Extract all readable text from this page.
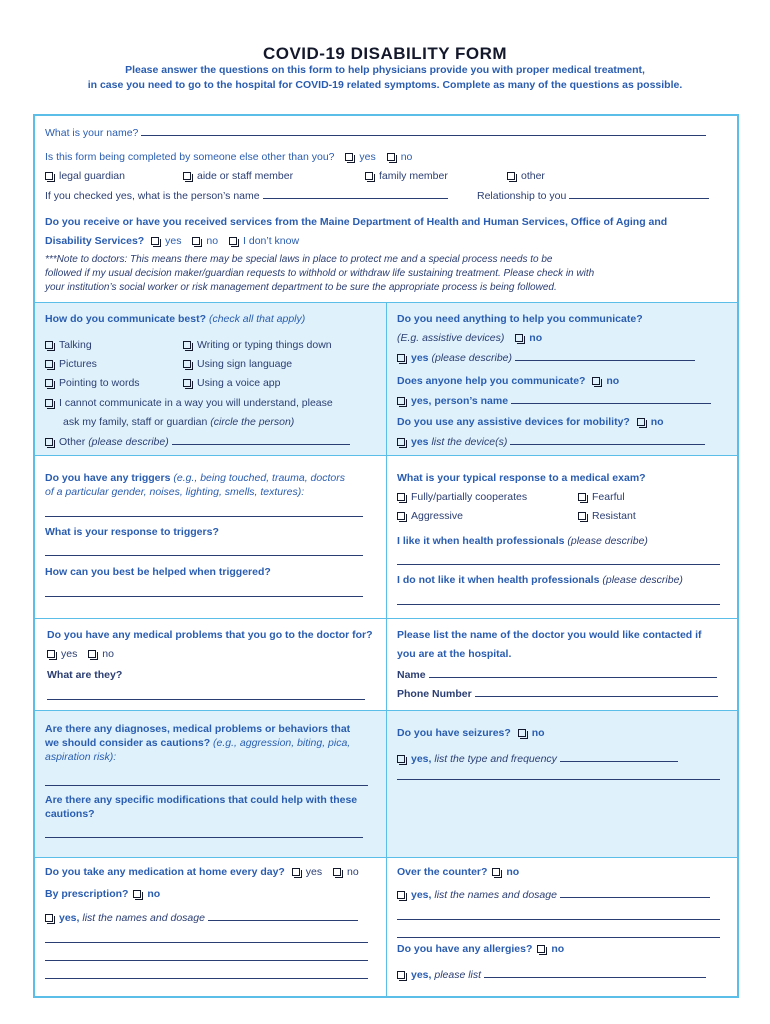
COVID-19 DISABILITY FORM
Please answer the questions on this form to help physicians provide you with proper medical treatment,
in case you need to go to the hospital for COVID-19 related symptoms. Complete as many of the questions as possible.
What is your name?
Is this form being completed by someone else other than you? yes no
legal guardian	aide or staff member	family member	other
If you checked yes, what is the person’s name	Relationship to you
Do you receive or have you received services from the Maine Department of Health and Human Services, Office of Aging and
Disability Services? yes no I don’t know
***Note to doctors: This means there may be special laws in place to protect me and a special process needs to be
followed if my usual decision maker/guardian requests to withhold or withdraw life sustaining treatment. Please check in with
your institution’s social worker or risk management department to be sure the appropriate process is being followed.
How do you communicate best? (check all that apply)
Talking	Writing or typing things down
Pictures	Using sign language
Pointing to words	Using a voice app
I cannot communicate in a way you will understand, please
ask my family, staff or guardian (circle the person)
Other (please describe)
Do you need anything to help you communicate?
(E.g. assistive devices) no
yes (please describe)
Does anyone help you communicate? no
yes, person’s name
Do you use any assistive devices for mobility? no
yes list the device(s)
Do you have any triggers (e.g., being touched, trauma, doctors
of a particular gender, noises, lighting, smells, textures):
What is your response to triggers?
How can you best be helped when triggered?
What is your typical response to a medical exam?
Fully/partially cooperates	Fearful
Aggressive	Resistant
I like it when health professionals (please describe)
I do not like it when health professionals (please describe)
Do you have any medical problems that you go to the doctor for?
yes no
What are they?
Please list the name of the doctor you would like contacted if
you are at the hospital.
Name
Phone Number
Are there any diagnoses, medical problems or behaviors that
we should consider as cautions? (e.g., aggression, biting, pica,
aspiration risk):
Are there any specific modifications that could help with these
cautions?
Do you have seizures? no
yes, list the type and frequency
Do you take any medication at home every day? yes no
By prescription? no
yes, list the names and dosage
Over the counter? no
yes, list the names and dosage
Do you have any allergies? no
yes, please list
